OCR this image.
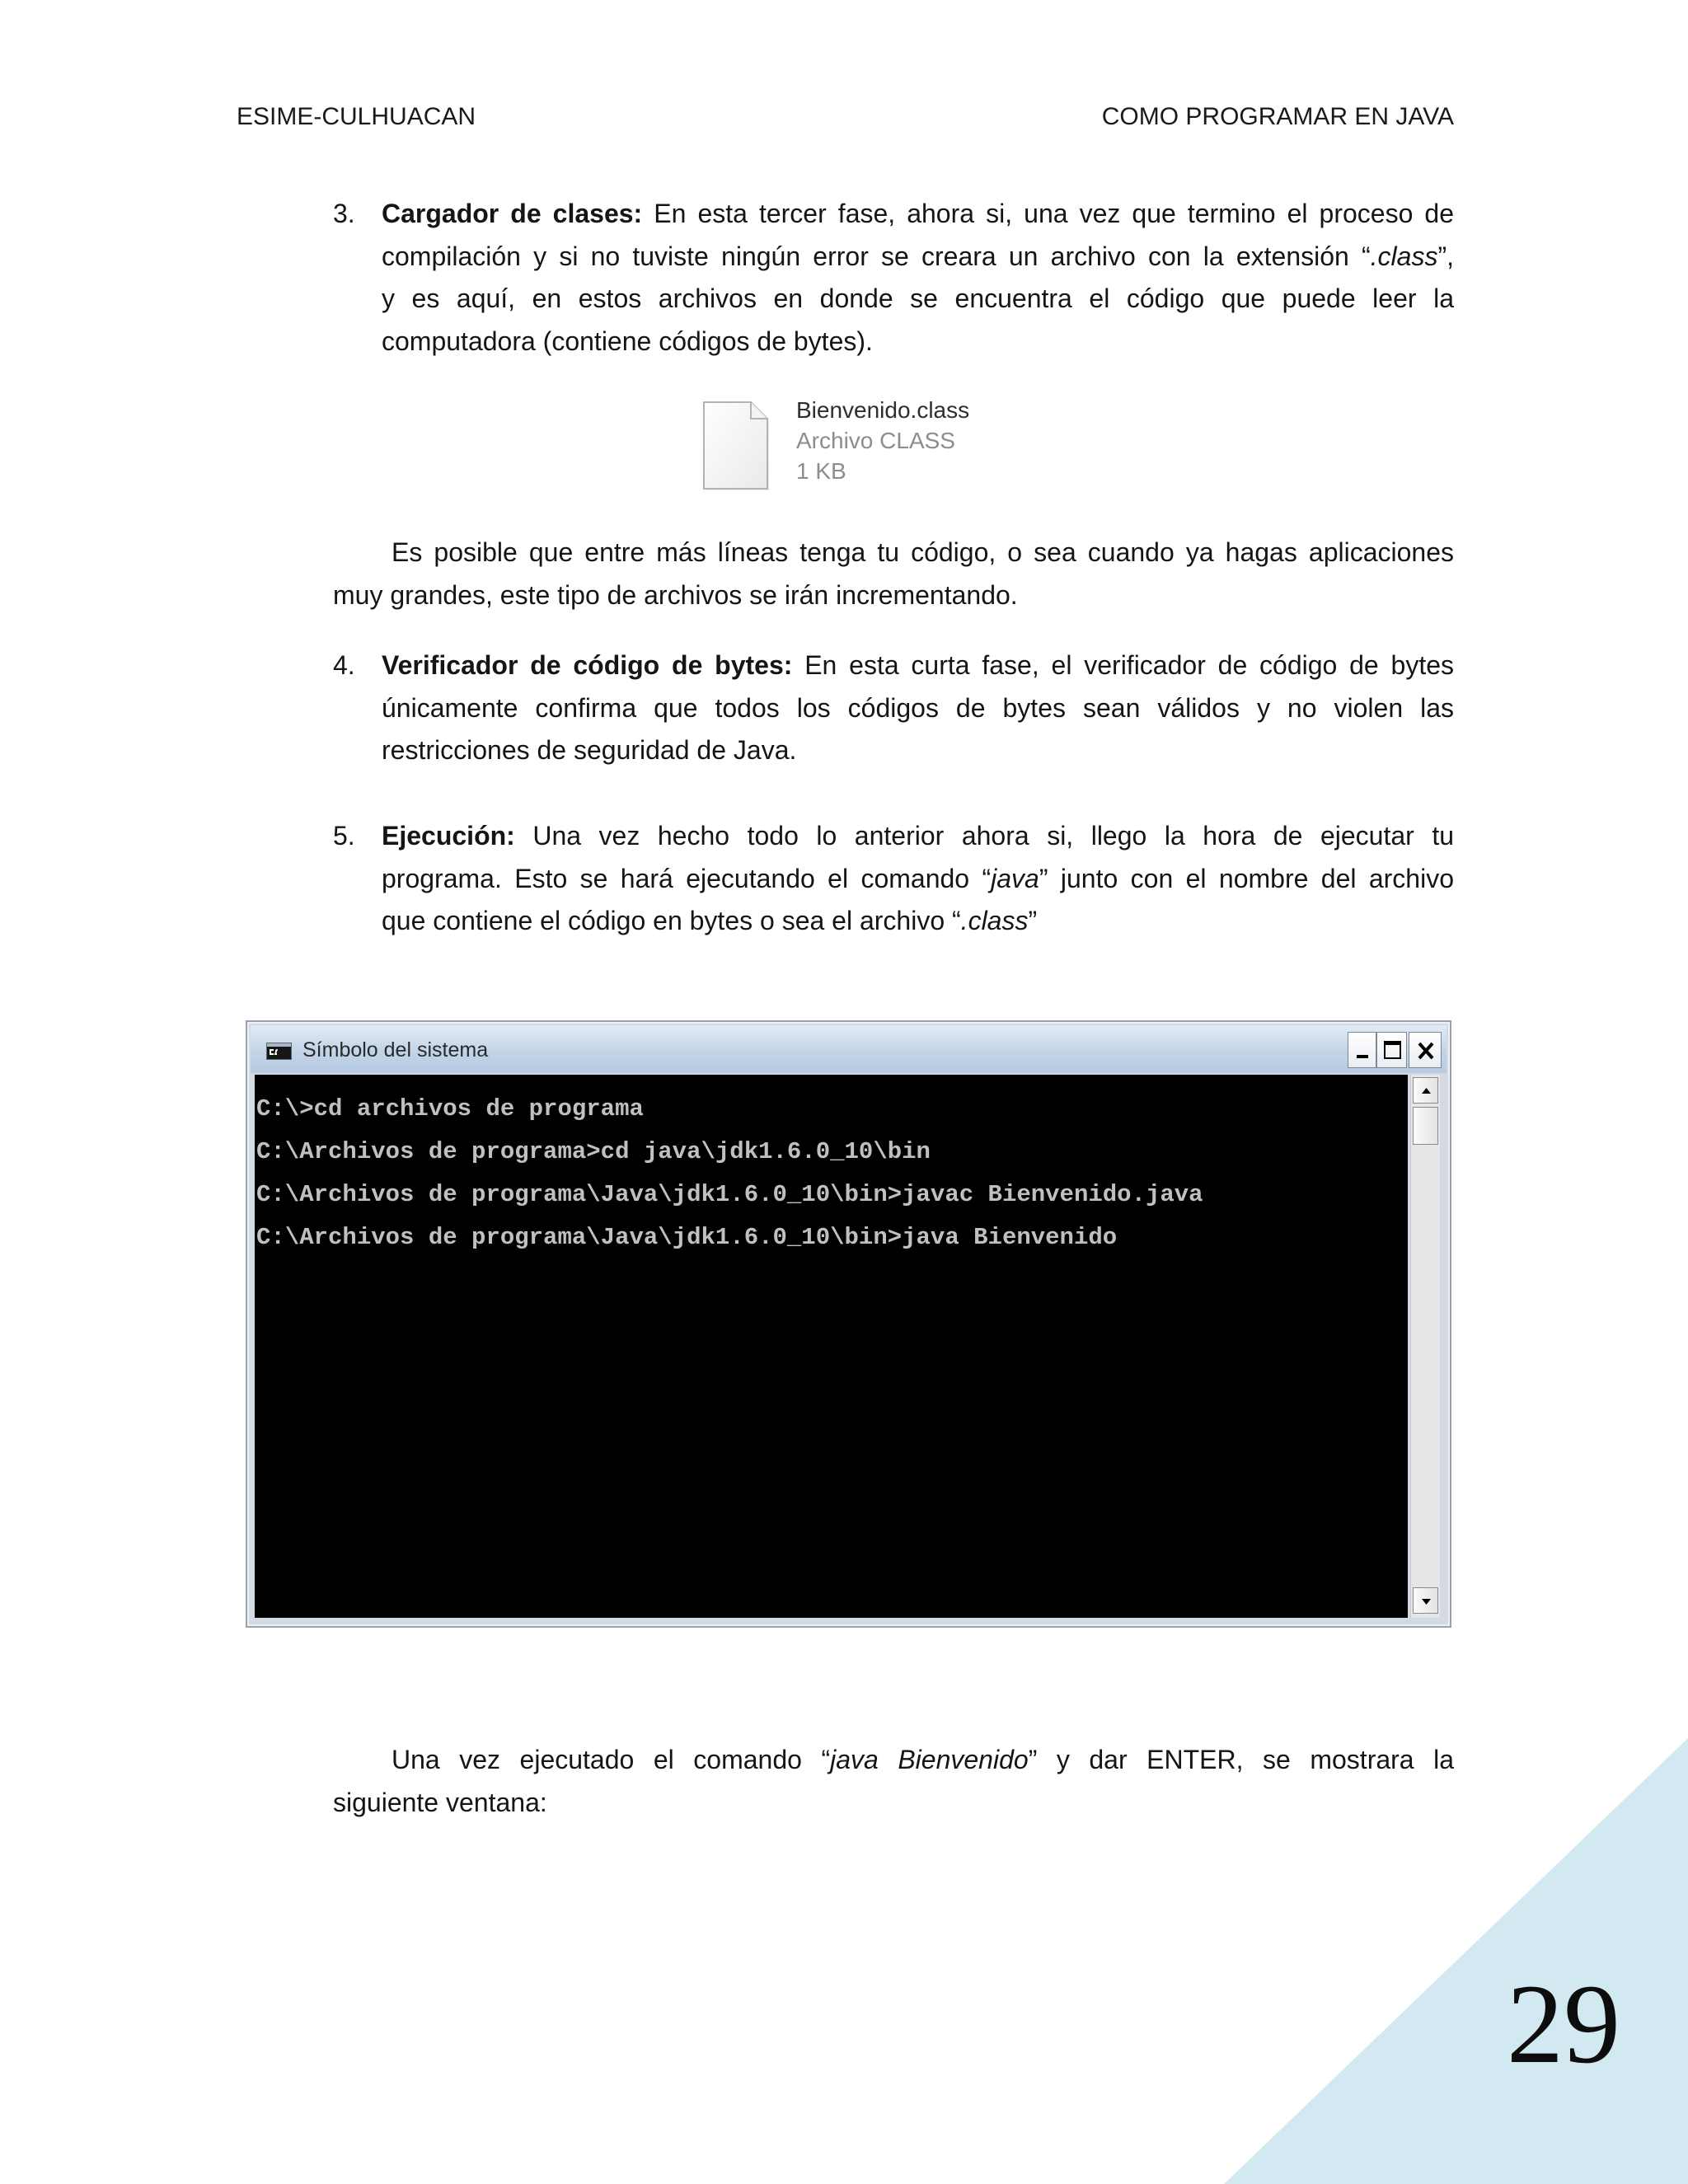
ESIME-CULHUACAN	COMO PROGRAMAR EN JAVA
3. Cargador de clases: En esta tercer fase, ahora si, una vez que termino el proceso de
compilación y si no tuviste ningún error se creara un archivo con la extensión “.class”,
y es aquí, en estos archivos en donde se encuentra el código que puede leer la
computadora (contiene códigos de bytes).
Bienvenido.class
Archivo CLASS
1 KB
Es posible que entre más líneas tenga tu código, o sea cuando ya hagas aplicaciones
muy grandes, este tipo de archivos se irán incrementando.
4. Verificador de código de bytes: En esta curta fase, el verificador de código de bytes
únicamente confirma que todos los códigos de bytes sean válidos y no violen las
restricciones de seguridad de Java.
5. Ejecución: Una vez hecho todo lo anterior ahora si, llego la hora de ejecutar tu
programa. Esto se hará ejecutando el comando “java” junto con el nombre del archivo
que contiene el código en bytes o sea el archivo “.class”
Símbolo del sistema
C:\>cd archivos de programa
C:\Archivos de programa>cd java\jdk1.6.0_10\bin
C:\Archivos de programa\Java\jdk1.6.0_10\bin>javac Bienvenido.java
C:\Archivos de programa\Java\jdk1.6.0_10\bin>java Bienvenido
Una vez ejecutado el comando “java Bienvenido” y dar ENTER, se mostrara la
siguiente ventana:
29
